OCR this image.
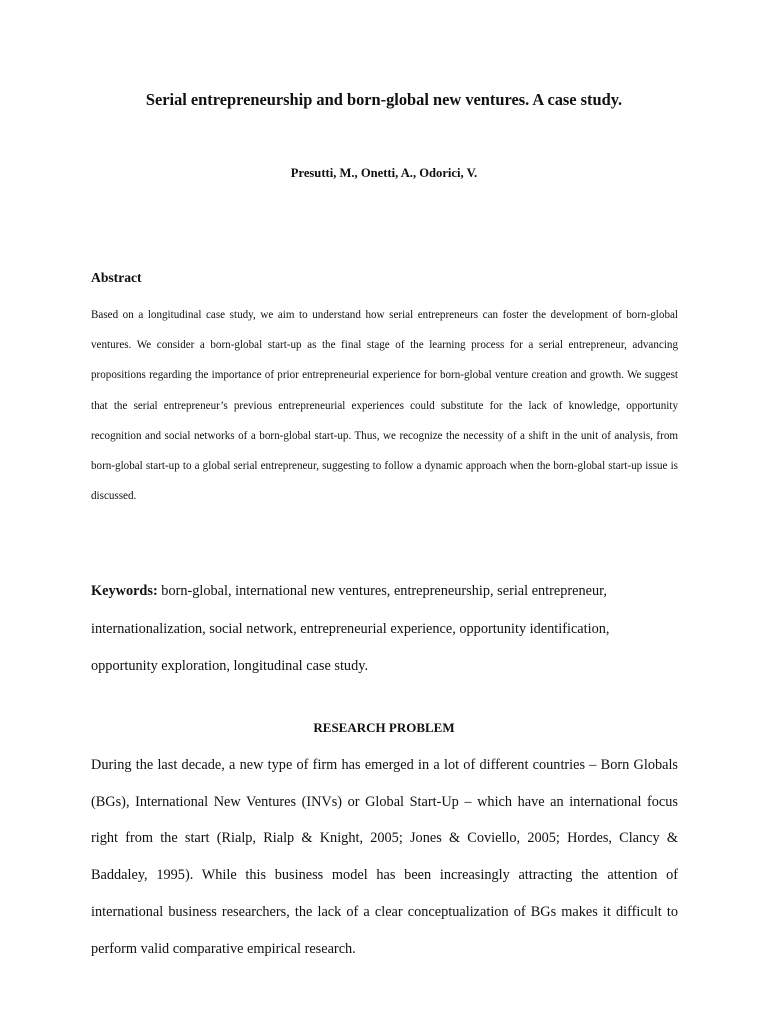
Serial entrepreneurship and born-global new ventures. A case study.

Presutti, M., Onetti, A., Odorici, V.

Abstract

Based on a longitudinal case study, we aim to understand how serial entrepreneurs can foster the development of born-global ventures. We consider a born-global start-up as the final stage of the learning process for a serial entrepreneur, advancing propositions regarding the importance of prior entrepreneurial experience for born-global venture creation and growth. We suggest that the serial entrepreneur’s previous entrepreneurial experiences could substitute for the lack of knowledge, opportunity recognition and social networks of a born-global start-up. Thus, we recognize the necessity of a shift in the unit of analysis, from born-global start-up to a global serial entrepreneur, suggesting to follow a dynamic approach when the born-global start-up issue is discussed.

Keywords: born-global, international new ventures, entrepreneurship, serial entrepreneur, internationalization, social network, entrepreneurial experience, opportunity identification, opportunity exploration, longitudinal case study.

RESEARCH PROBLEM

During the last decade, a new type of firm has emerged in a lot of different countries – Born Globals (BGs), International New Ventures (INVs) or Global Start-Up – which have an international focus right from the start (Rialp, Rialp & Knight, 2005; Jones & Coviello, 2005; Hordes, Clancy & Baddaley, 1995). While this business model has been increasingly attracting the attention of international business researchers, the lack of a clear conceptualization of BGs makes it difficult to perform valid comparative empirical research.
